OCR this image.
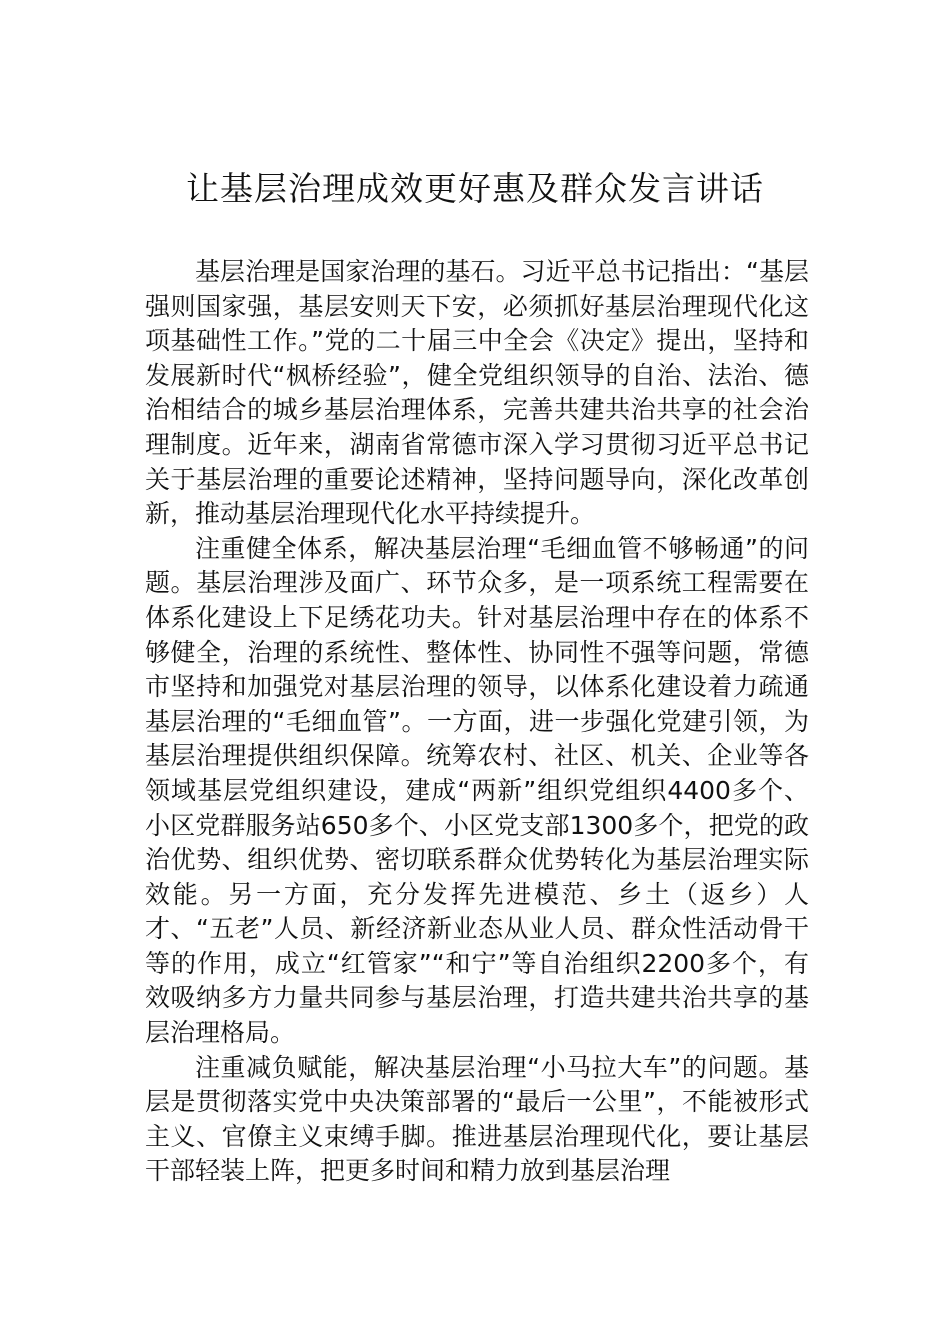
让基层治理成效更好惠及群众发言讲话

基层治理是国家治理的基石。习近平总书记指出：“基层强则国家强，基层安则天下安，必须抓好基层治理现代化这项基础性工作。”党的二十届三中全会《决定》提出，坚持和发展新时代“枫桥经验”，健全党组织领导的自治、法治、德治相结合的城乡基层治理体系，完善共建共治共享的社会治理制度。近年来，湖南省常德市深入学习贯彻习近平总书记关于基层治理的重要论述精神，坚持问题导向，深化改革创新，推动基层治理现代化水平持续提升。

注重健全体系，解决基层治理“毛细血管不够畅通”的问题。基层治理涉及面广、环节众多，是一项系统工程需要在体系化建设上下足绣花功夫。针对基层治理中存在的体系不够健全，治理的系统性、整体性、协同性不强等问题，常德市坚持和加强党对基层治理的领导，以体系化建设着力疏通基层治理的“毛细血管”。一方面，进一步强化党建引领，为基层治理提供组织保障。统筹农村、社区、机关、企业等各领域基层党组织建设，建成“两新”组织党组织4400多个、小区党群服务站650多个、小区党支部1300多个，把党的政治优势、组织优势、密切联系群众优势转化为基层治理实际效能。另一方面，充分发挥先进模范、乡土（返乡）人才、“五老”人员、新经济新业态从业人员、群众性活动骨干等的作用，成立“红管家”“和宁”等自治组织2200多个，有效吸纳多方力量共同参与基层治理，打造共建共治共享的基层治理格局。

注重减负赋能，解决基层治理“小马拉大车”的问题。基层是贯彻落实党中央决策部署的“最后一公里”，不能被形式主义、官僚主义束缚手脚。推进基层治理现代化，要让基层干部轻装上阵，把更多时间和精力放到基层治理
